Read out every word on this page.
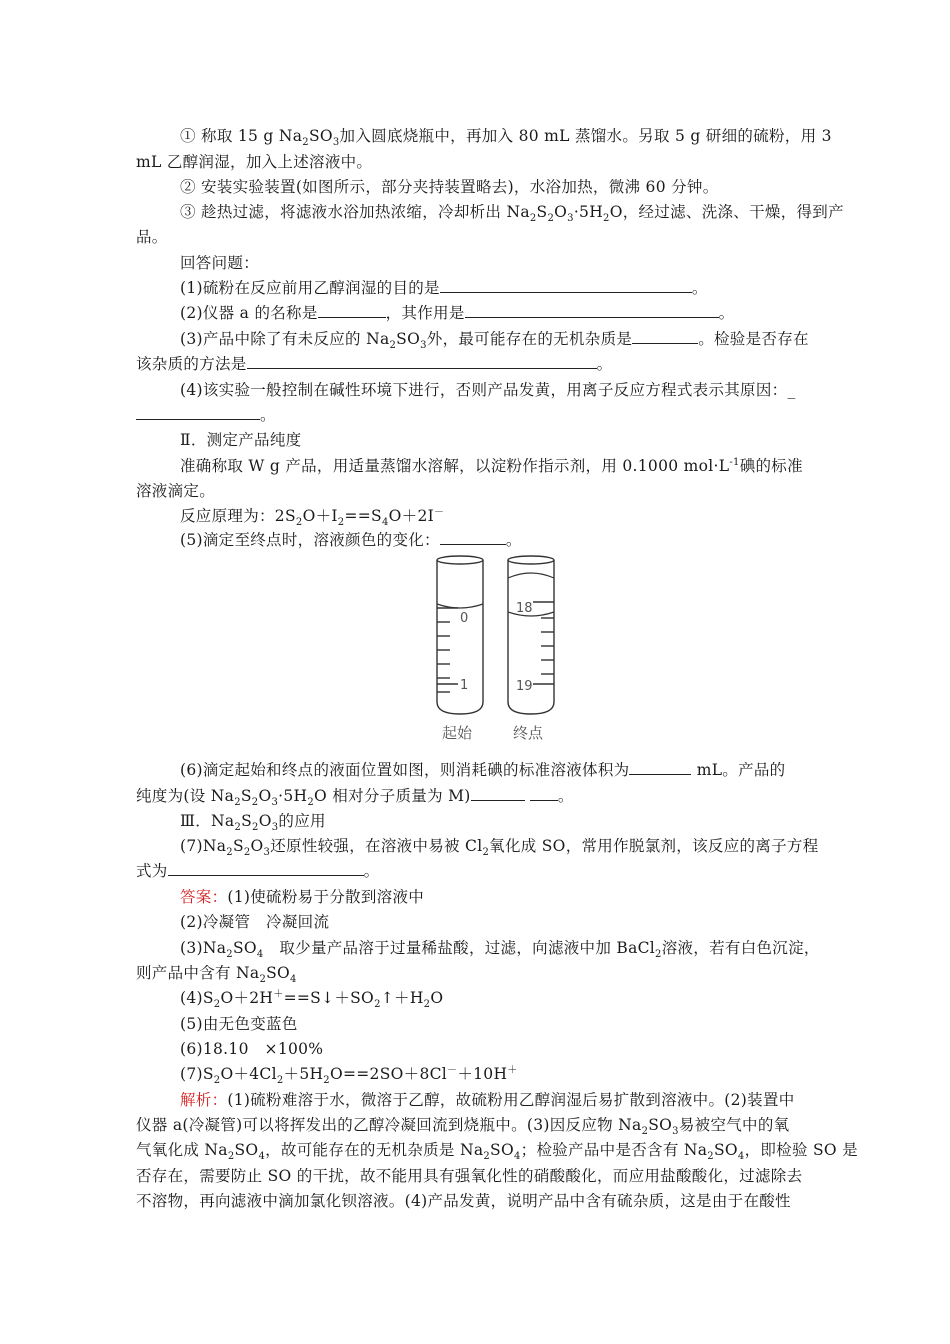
① 称取 15 g $Na_2SO_3$加入圆底烧瓶中，再加入 80 mL 蒸馏水。另取 5 g 研细的硫粉，用 3
mL 乙醇润湿，加入上述溶液中。
② 安装实验装置(如图所示，部分夹持装置略去)，水浴加热，微沸 60 分钟。
③ 趁热过滤，将滤液水浴加热浓缩，冷却析出 $Na_2S_2O_3\cdot 5H_2O$，经过滤、洗涤、干燥，得到产
品。
回答问题：
(1)硫粉在反应前用乙醇润湿的目的是	。
(2)仪器 a 的名称是	，其作用是	。
(3)产品中除了有未反应的 $Na_2SO_3$外，最可能存在的无机杂质是	。检验是否存在
该杂质的方法是	。
(4)该实验一般控制在碱性环境下进行，否则产品发黄，用离子反应方程式表示其原因：_
。
Ⅱ．测定产品纯度
准确称取 W g 产品，用适量蒸馏水溶解，以淀粉作指示剂，用 0.1000 $mol\cdot L^{-1}$碘的标准
溶液滴定。
反应原理为：$2S_2O+I_2==S_4O+2I^-$
(5)滴定至终点时，溶液颜色的变化：	。
0
1
18
19
起始	终点
(6)滴定起始和终点的液面位置如图，则消耗碘的标准溶液体积为	mL。产品的
纯度为(设 $Na_2S_2O_3\cdot 5H_2O$ 相对分子质量为 M)	。
Ⅲ．$Na_2S_2O_3$的应用
$(7)Na_2S_2O_3$还原性较强，在溶液中易被 $Cl_2$氧化成 SO，常用作脱氯剂，该反应的离子方程
式为	。
答案：(1)使硫粉易于分散到溶液中
(2)冷凝管　冷凝回流
$(3)Na_2SO_4$　取少量产品溶于过量稀盐酸，过滤，向滤液中加 BaCl$_2$溶液，若有白色沉淀，
则产品中含有 $Na_2SO_4$
$(4)S_2O+2H^+==S↓+SO_2↑+H_2O$
(5)由无色变蓝色
(6)18.10　×100%
$(7)S_2O+4Cl_2+5H_2O==2SO+8Cl^-+10H^+$
解析：(1)硫粉难溶于水，微溶于乙醇，故硫粉用乙醇润湿后易扩散到溶液中。(2)装置中
仪器 a(冷凝管)可以将挥发出的乙醇冷凝回流到烧瓶中。(3)因反应物 $Na_2SO_3$易被空气中的氧
气氧化成 $Na_2SO_4$，故可能存在的无机杂质是 $Na_2SO_4$；检验产品中是否含有 $Na_2SO_4$，即检验 SO 是
否存在，需要防止 SO 的干扰，故不能用具有强氧化性的硝酸酸化，而应用盐酸酸化，过滤除去
不溶物，再向滤液中滴加氯化钡溶液。(4)产品发黄，说明产品中含有硫杂质，这是由于在酸性
